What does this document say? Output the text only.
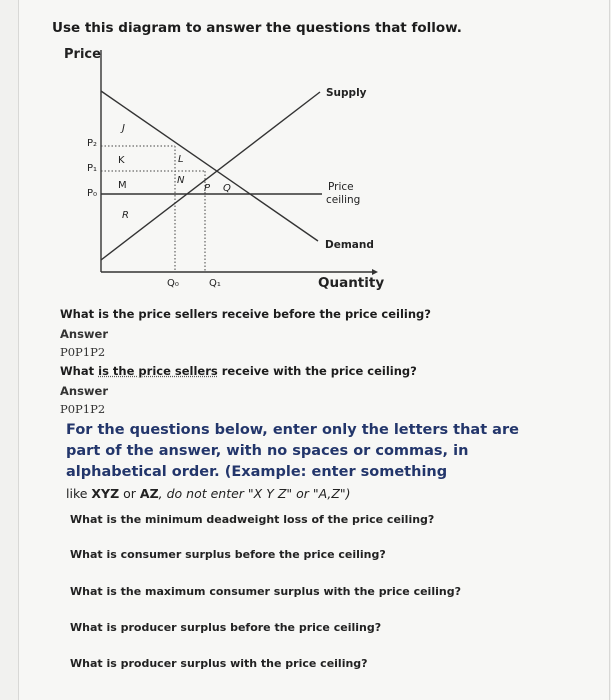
Use this diagram to answer the questions that follow.
Price
Quantity
Supply
Demand
Price
ceiling
P₂
P₁
P₀
Q₀	Q₁
J
K	L
M	N
P Q
R
What is the price sellers receive before the price ceiling?
Answer
P0P1P2
What is the price sellers receive with the price ceiling?
Answer
P0P1P2
For the questions below, enter only the letters that are part of the answer, with no spaces or commas, in alphabetical order. (Example: enter something
like XYZ or AZ, do not enter "X Y Z" or "A,Z")
What is the minimum deadweight loss of the price ceiling?
What is consumer surplus before the price ceiling?
What is the maximum consumer surplus with the price ceiling?
What is producer surplus before the price ceiling?
What is producer surplus with the price ceiling?
